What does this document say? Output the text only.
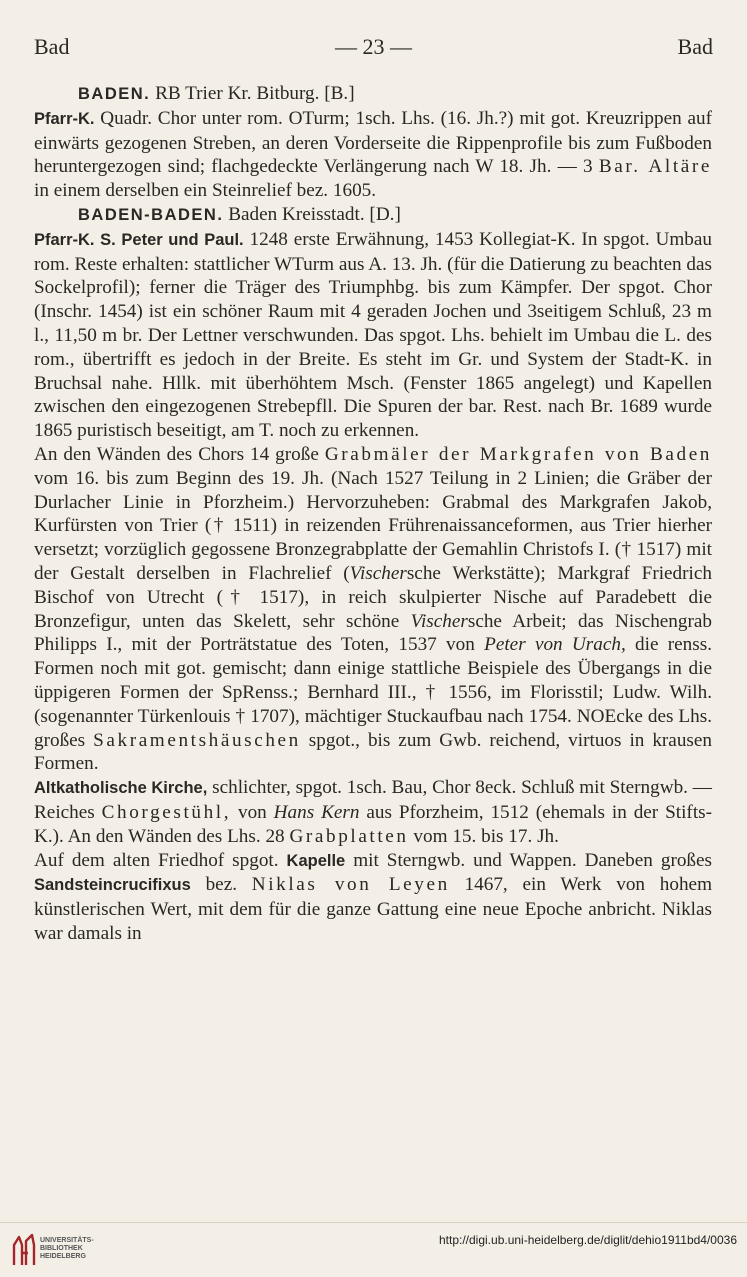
Bad	— 23 —	Bad

BADEN. RB Trier Kr. Bitburg. [B.]

Pfarr-K. Quadr. Chor unter rom. OTurm; 1sch. Lhs. (16. Jh.?) mit got. Kreuzrippen auf einwärts gezogenen Streben, an deren Vorderseite die Rippenprofile bis zum Fußboden heruntergezogen sind; flachgedeckte Verlängerung nach W 18. Jh. — 3 Bar. Altäre in einem derselben ein Steinrelief bez. 1605.

BADEN-BADEN. Baden Kreisstadt. [D.]

Pfarr-K. S. Peter und Paul. 1248 erste Erwähnung, 1453 Kollegiat-K. In spgot. Umbau rom. Reste erhalten: stattlicher WTurm aus A. 13. Jh. (für die Datierung zu beachten das Sockelprofil); ferner die Träger des Triumphbg. bis zum Kämpfer. Der spgot. Chor (Inschr. 1454) ist ein schöner Raum mit 4 geraden Jochen und 3seitigem Schluß, 23 m l., 11,50 m br. Der Lettner verschwunden. Das spgot. Lhs. behielt im Umbau die L. des rom., übertrifft es jedoch in der Breite. Es steht im Gr. und System der Stadt-K. in Bruchsal nahe. Hllk. mit überhöhtem Msch. (Fenster 1865 angelegt) und Kapellen zwischen den eingezogenen Strebepfll. Die Spuren der bar. Rest. nach Br. 1689 wurde 1865 puristisch beseitigt, am T. noch zu erkennen.

An den Wänden des Chors 14 große Grabmäler der Markgrafen von Baden vom 16. bis zum Beginn des 19. Jh. (Nach 1527 Teilung in 2 Linien; die Gräber der Durlacher Linie in Pforzheim.) Hervorzuheben: Grabmal des Markgrafen Jakob, Kurfürsten von Trier († 1511) in reizenden Frührenaissanceformen, aus Trier hierher versetzt; vorzüglich gegossene Bronzegrabplatte der Gemahlin Christofs I. († 1517) mit der Gestalt derselben in Flachrelief (Vischersche Werkstätte); Markgraf Friedrich Bischof von Utrecht († 1517), in reich skulpierter Nische auf Paradebett die Bronzefigur, unten das Skelett, sehr schöne Vischersche Arbeit; das Nischengrab Philipps I., mit der Porträtstatue des Toten, 1537 von Peter von Urach, die renss. Formen noch mit got. gemischt; dann einige stattliche Beispiele des Übergangs in die üppigeren Formen der SpRenss.; Bernhard III., † 1556, im Florisstil; Ludw. Wilh. (sogenannter Türkenlouis † 1707), mächtiger Stuckaufbau nach 1754. NOEcke des Lhs. großes Sakramentshäuschen spgot., bis zum Gwb. reichend, virtuos in krausen Formen.

Altkatholische Kirche, schlichter, spgot. 1sch. Bau, Chor 8eck. Schluß mit Sterngwb. — Reiches Chorgestühl, von Hans Kern aus Pforzheim, 1512 (ehemals in der Stifts-K.). An den Wänden des Lhs. 28 Grabplatten vom 15. bis 17. Jh.

Auf dem alten Friedhof spgot. Kapelle mit Sterngwb. und Wappen. Daneben großes Sandsteincrucifixus bez. Niklas von Leyen 1467, ein Werk von hohem künstlerischen Wert, mit dem für die ganze Gattung eine neue Epoche anbricht. Niklas war damals in

UNIVERSITÄTS-
BIBLIOTHEK
HEIDELBERG
http://digi.ub.uni-heidelberg.de/diglit/dehio1911bd4/0036
